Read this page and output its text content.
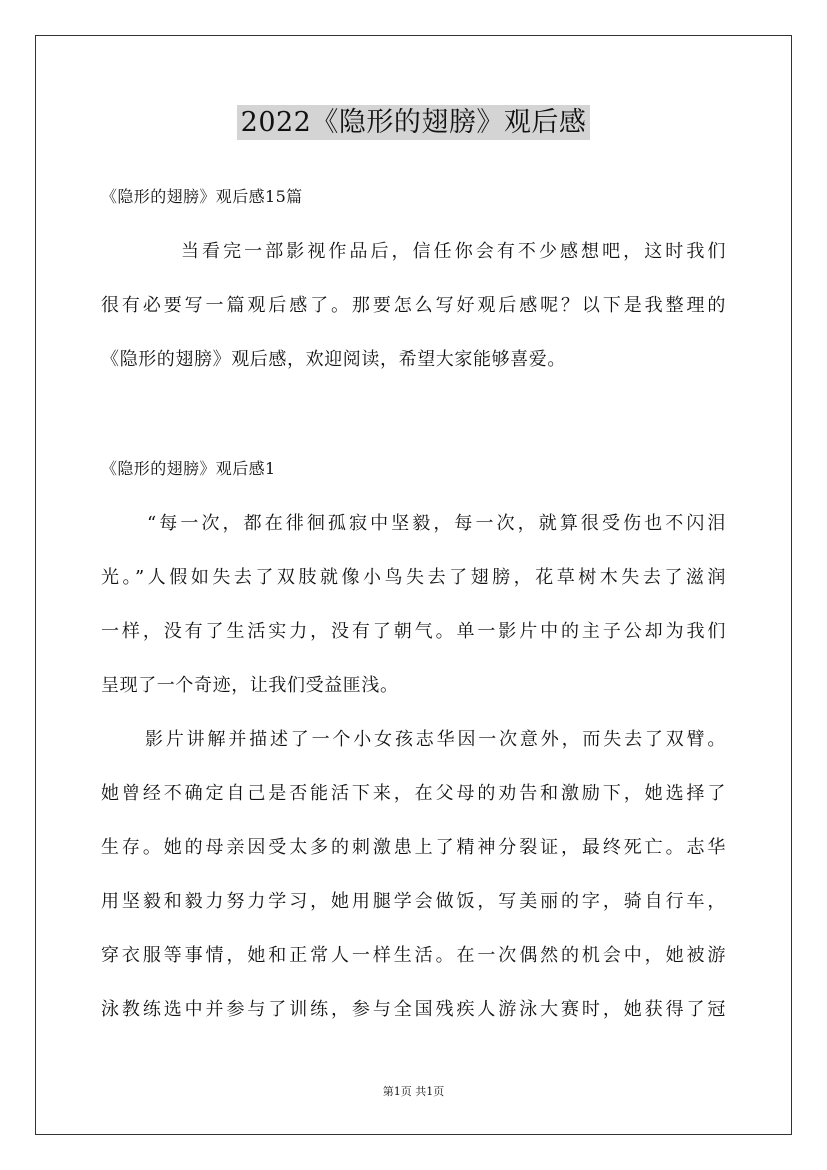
2022《隐形的翅膀》观后感
《隐形的翅膀》观后感15篇
当看完一部影视作品后，信任你会有不少感想吧，这时我们
很有必要写一篇观后感了。那要怎么写好观后感呢？以下是我整理的
《隐形的翅膀》观后感，欢迎阅读，希望大家能够喜爱。
《隐形的翅膀》观后感1
“每一次，都在徘徊孤寂中坚毅，每一次，就算很受伤也不闪泪
光。”人假如失去了双肢就像小鸟失去了翅膀，花草树木失去了滋润
一样，没有了生活实力，没有了朝气。单一影片中的主子公却为我们
呈现了一个奇迹，让我们受益匪浅。
影片讲解并描述了一个小女孩志华因一次意外，而失去了双臂。
她曾经不确定自己是否能活下来，在父母的劝告和激励下，她选择了
生存。她的母亲因受太多的刺激患上了精神分裂证，最终死亡。志华
用坚毅和毅力努力学习，她用腿学会做饭，写美丽的字，骑自行车，
穿衣服等事情，她和正常人一样生活。在一次偶然的机会中，她被游
泳教练选中并参与了训练，参与全国残疾人游泳大赛时，她获得了冠
第1页 共1页
